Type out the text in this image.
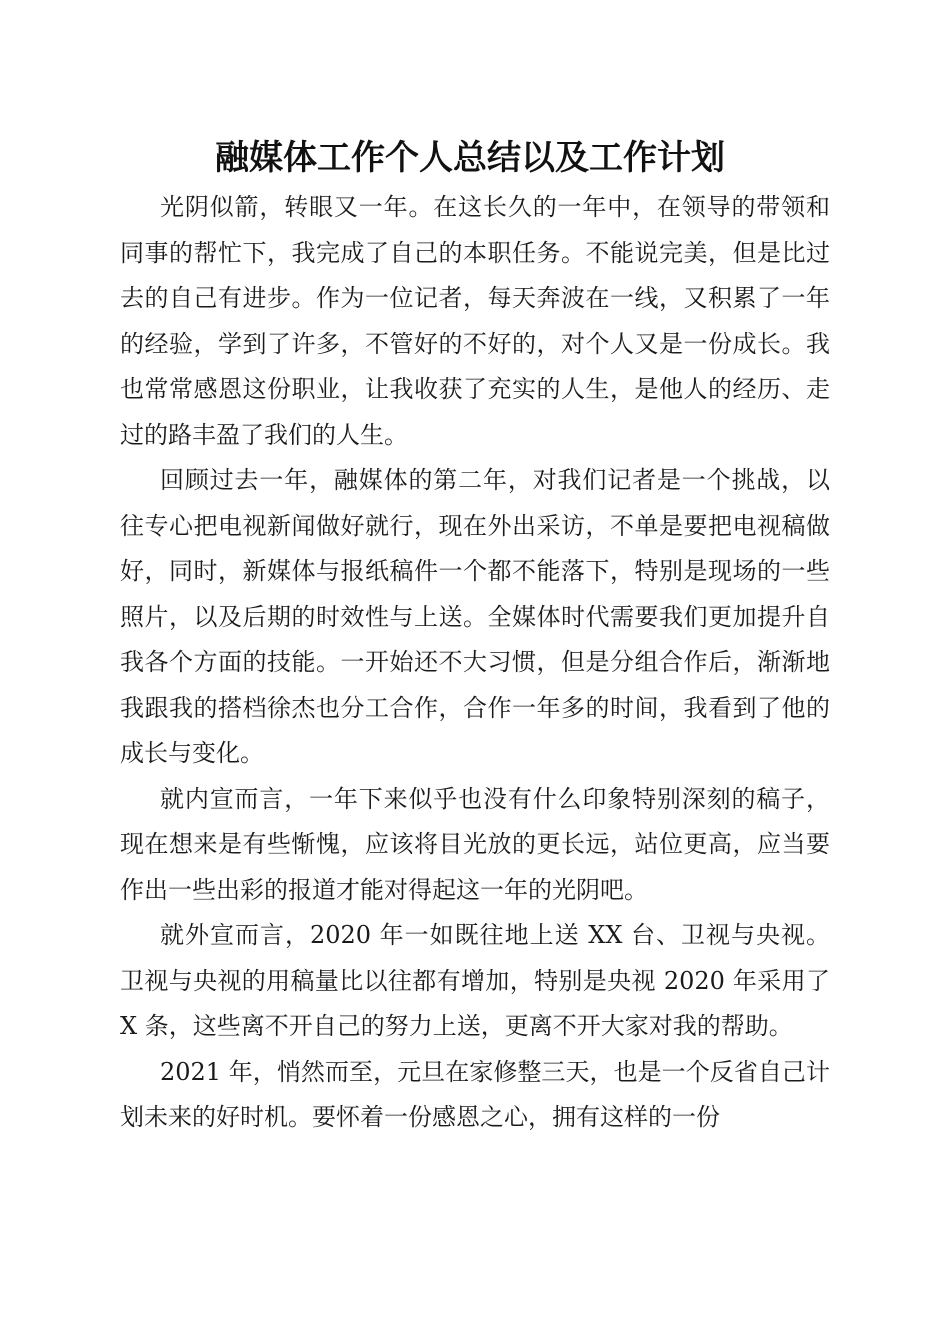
融媒体工作个人总结以及工作计划

光阴似箭，转眼又一年。在这长久的一年中，在领导的带领和同事的帮忙下，我完成了自己的本职任务。不能说完美，但是比过去的自己有进步。作为一位记者，每天奔波在一线，又积累了一年的经验，学到了许多，不管好的不好的，对个人又是一份成长。我也常常感恩这份职业，让我收获了充实的人生，是他人的经历、走过的路丰盈了我们的人生。

回顾过去一年，融媒体的第二年，对我们记者是一个挑战，以往专心把电视新闻做好就行，现在外出采访，不单是要把电视稿做好，同时，新媒体与报纸稿件一个都不能落下，特别是现场的一些照片，以及后期的时效性与上送。全媒体时代需要我们更加提升自我各个方面的技能。一开始还不大习惯，但是分组合作后，渐渐地我跟我的搭档徐杰也分工合作，合作一年多的时间，我看到了他的成长与变化。

就内宣而言，一年下来似乎也没有什么印象特别深刻的稿子，现在想来是有些惭愧，应该将目光放的更长远，站位更高，应当要作出一些出彩的报道才能对得起这一年的光阴吧。

就外宣而言，2020 年一如既往地上送 XX 台、卫视与央视。卫视与央视的用稿量比以往都有增加，特别是央视 2020 年采用了 X 条，这些离不开自己的努力上送，更离不开大家对我的帮助。

2021 年，悄然而至，元旦在家修整三天，也是一个反省自己计划未来的好时机。要怀着一份感恩之心，拥有这样的一份
